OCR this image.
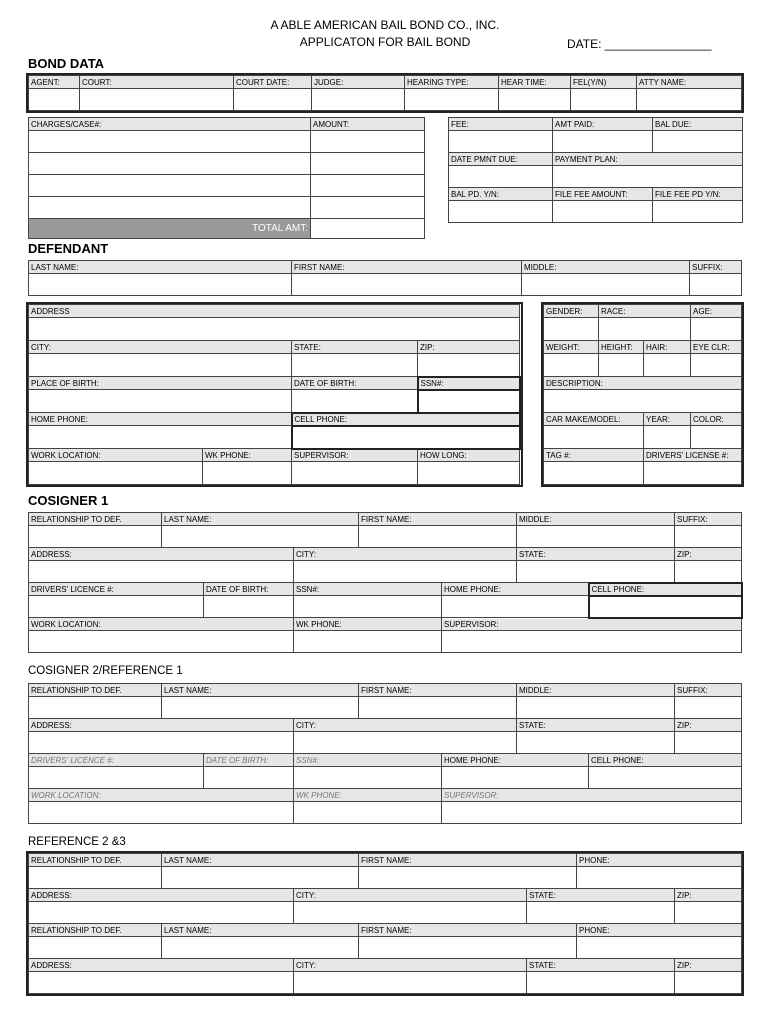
A ABLE AMERICAN BAIL BOND CO., INC.
APPLICATON FOR BAIL BOND	DATE: ________________
BOND DATA
AGENT:	COURT:	COURT DATE:	JUDGE:	HEARING TYPE:	HEAR TIME:	FEL(Y/N)	ATTY NAME:

CHARGES/CASE#:	AMOUNT:

TOTAL AMT:	
FEE:	AMT PAID:	BAL DUE:

DATE PMNT DUE:	PAYMENT PLAN:	

BAL PD. Y/N:	FILE FEE AMOUNT:	FILE FEE PD Y/N:

DEFENDANT
LAST NAME:	FIRST NAME:	MIDDLE:	SUFFIX:

ADDRESS			

CITY:		STATE:	ZIP:

PLACE OF BIRTH:		DATE OF BIRTH:	SSN#:

HOME PHONE:		CELL PHONE:	

WORK LOCATION:	WK PHONE:	SUPERVISOR:	HOW LONG:

GENDER:	RACE:		AGE:

WEIGHT:	HEIGHT:	HAIR:	EYE CLR:

DESCRIPTION:			

CAR MAKE/MODEL:		YEAR:	COLOR:

TAG #:		DRIVERS' LICENSE #:	

COSIGNER 1
RELATIONSHIP TO DEF.	LAST NAME:			FIRST NAME:		MIDDLE:		SUFFIX:

ADDRESS:			CITY:			STATE:		ZIP:

DRIVERS' LICENCE #:		DATE OF BIRTH:	SSN#:		HOME PHONE:		CELL PHONE:	

WORK LOCATION:			WK PHONE:		SUPERVISOR:			

COSIGNER 2/REFERENCE 1
RELATIONSHIP TO DEF.	LAST NAME:			FIRST NAME:		MIDDLE:		SUFFIX:

ADDRESS:			CITY:			STATE:		ZIP:

DRIVERS' LICENCE #:		DATE OF BIRTH:	SSN#:		HOME PHONE:		CELL PHONE:	

WORK LOCATION:			WK PHONE:		SUPERVISOR:			

REFERENCE 2 &3
RELATIONSHIP TO DEF.	LAST NAME:		FIRST NAME:		PHONE:	

ADDRESS:		CITY:		STATE:		ZIP:

RELATIONSHIP TO DEF.	LAST NAME:		FIRST NAME:		PHONE:	

ADDRESS:		CITY:		STATE:		ZIP:
